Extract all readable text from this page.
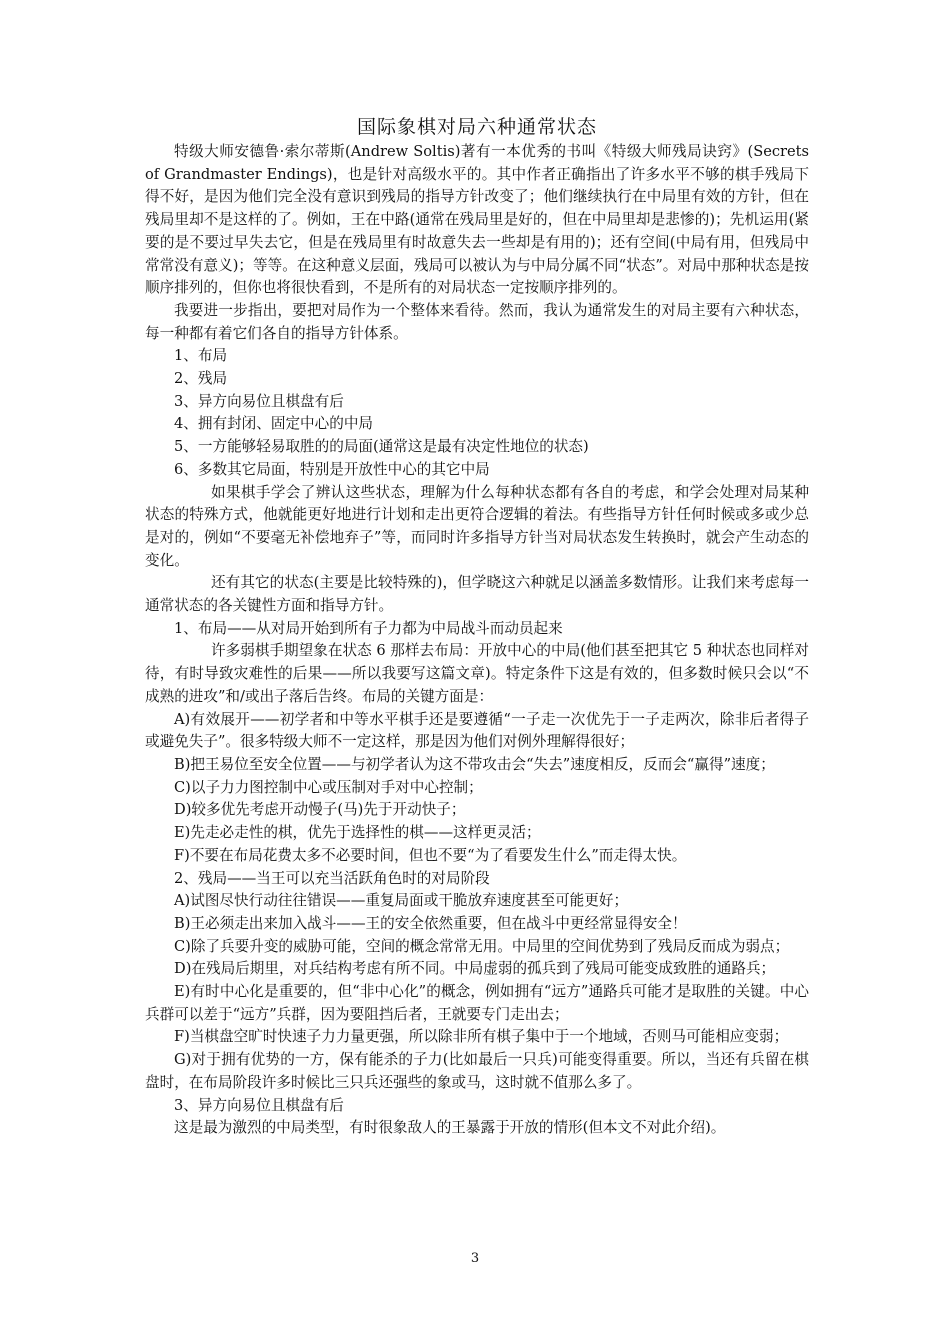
国际象棋对局六种通常状态

特级大师安德鲁·索尔蒂斯(Andrew Soltis)著有一本优秀的书叫《特级大师残局诀窍》(Secrets of Grandmaster Endings)，也是针对高级水平的。其中作者正确指出了许多水平不够的棋手残局下得不好，是因为他们完全没有意识到残局的指导方针改变了；他们继续执行在中局里有效的方针，但在残局里却不是这样的了。例如，王在中路(通常在残局里是好的，但在中局里却是悲惨的)；先机运用(紧要的是不要过早失去它，但是在残局里有时故意失去一些却是有用的)；还有空间(中局有用，但残局中常常没有意义)；等等。在这种意义层面，残局可以被认为与中局分属不同“状态”。对局中那种状态是按顺序排列的，但你也将很快看到，不是所有的对局状态一定按顺序排列的。

我要进一步指出，要把对局作为一个整体来看待。然而，我认为通常发生的对局主要有六种状态，每一种都有着它们各自的指导方针体系。

1、布局

2、残局

3、异方向易位且棋盘有后

4、拥有封闭、固定中心的中局

5、一方能够轻易取胜的的局面(通常这是最有决定性地位的状态)

6、多数其它局面，特别是开放性中心的其它中局

如果棋手学会了辨认这些状态，理解为什么每种状态都有各自的考虑，和学会处理对局某种状态的特殊方式，他就能更好地进行计划和走出更符合逻辑的着法。有些指导方针任何时候或多或少总是对的，例如“不要毫无补偿地弃子”等，而同时许多指导方针当对局状态发生转换时，就会产生动态的变化。

还有其它的状态(主要是比较特殊的)，但学晓这六种就足以涵盖多数情形。让我们来考虑每一通常状态的各关键性方面和指导方针。

1、布局——从对局开始到所有子力都为中局战斗而动员起来

许多弱棋手期望象在状态 6 那样去布局：开放中心的中局(他们甚至把其它 5 种状态也同样对待，有时导致灾难性的后果——所以我要写这篇文章)。特定条件下这是有效的，但多数时候只会以“不成熟的进攻”和/或出子落后告终。布局的关键方面是：

A)有效展开——初学者和中等水平棋手还是要遵循“一子走一次优先于一子走两次，除非后者得子或避免失子”。很多特级大师不一定这样，那是因为他们对例外理解得很好；

B)把王易位至安全位置——与初学者认为这不带攻击会“失去”速度相反，反而会“赢得”速度；

C)以子力力图控制中心或压制对手对中心控制；

D)较多优先考虑开动慢子(马)先于开动快子；

E)先走必走性的棋，优先于选择性的棋——这样更灵活；

F)不要在布局花费太多不必要时间，但也不要“为了看要发生什么”而走得太快。

2、残局——当王可以充当活跃角色时的对局阶段

A)试图尽快行动往往错误——重复局面或干脆放弃速度甚至可能更好；

B)王必须走出来加入战斗——王的安全依然重要，但在战斗中更经常显得安全！

C)除了兵要升变的威胁可能，空间的概念常常无用。中局里的空间优势到了残局反而成为弱点；

D)在残局后期里，对兵结构考虑有所不同。中局虚弱的孤兵到了残局可能变成致胜的通路兵；

E)有时中心化是重要的，但“非中心化”的概念，例如拥有“远方”通路兵可能才是取胜的关键。中心兵群可以差于“远方”兵群，因为要阻挡后者，王就要专门走出去；

F)当棋盘空旷时快速子力力量更强，所以除非所有棋子集中于一个地域，否则马可能相应变弱；

G)对于拥有优势的一方，保有能杀的子力(比如最后一只兵)可能变得重要。所以，当还有兵留在棋盘时，在布局阶段许多时候比三只兵还强些的象或马，这时就不值那么多了。

3、异方向易位且棋盘有后

这是最为激烈的中局类型，有时很象敌人的王暴露于开放的情形(但本文不对此介绍)。

3
